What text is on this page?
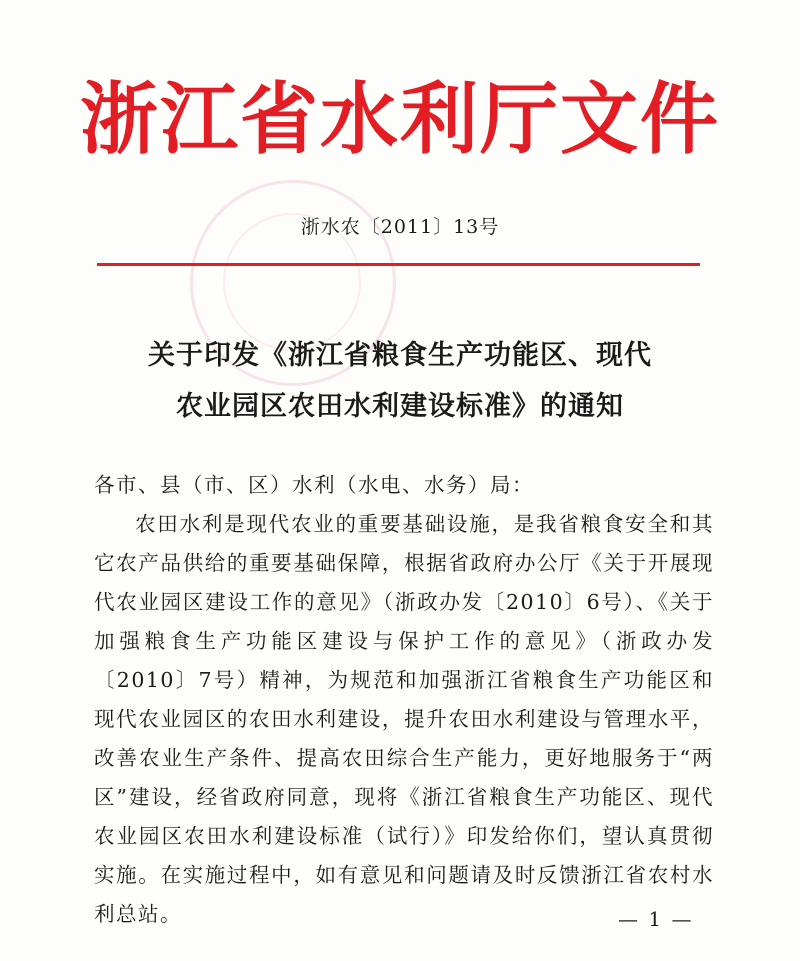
浙江省水利厅文件
浙水农〔2011〕13号
关于印发《浙江省粮食生产功能区、现代
农业园区农田水利建设标准》的通知

各市、县（市、区）水利（水电、水务）局：

农田水利是现代农业的重要基础设施，是我省粮食安全和其它农产品供给的重要基础保障，根据省政府办公厅《关于开展现代农业园区建设工作的意见》（浙政办发〔2010〕6号）、《关于加强粮食生产功能区建设与保护工作的意见》（浙政办发〔2010〕7号）精神，为规范和加强浙江省粮食生产功能区和现代农业园区的农田水利建设，提升农田水利建设与管理水平，改善农业生产条件、提高农田综合生产能力，更好地服务于“两区”建设，经省政府同意，现将《浙江省粮食生产功能区、现代农业园区农田水利建设标准（试行）》印发给你们，望认真贯彻实施。在实施过程中，如有意见和问题请及时反馈浙江省农村水利总站。	— 1 —
